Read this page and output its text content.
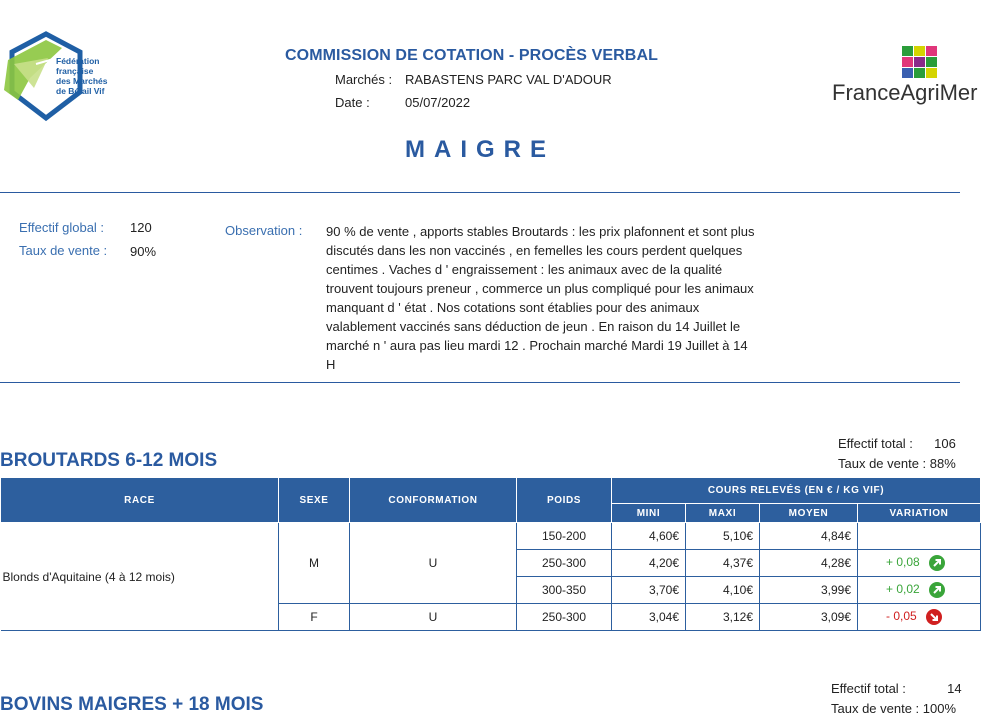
Fédération
française
des Marchés
de Bétail Vif
COMMISSION DE COTATION - PROCÈS VERBAL
Marchés : RABASTENS PARC VAL D'ADOUR
Date :	05/07/2022	FranceAgriMer
MAIGRE
Effectif global : 120
Taux de vente : 90%
Observation : 90 % de vente , apports stables Broutards : les prix plafonnent et sont plus discutés dans les non vaccinés , en femelles les cours perdent quelques centimes . Vaches d ' engraissement : les animaux avec de la qualité trouvent toujours preneur , commerce un plus compliqué pour les animaux manquant d ' état . Nos cotations sont établies pour des animaux valablement vaccinés sans déduction de jeun . En raison du 14 Juillet le marché n ' aura pas lieu mardi 12 . Prochain marché Mardi 19 Juillet à 14 H
BROUTARDS 6-12 MOIS
Effectif total : 106
Taux de vente : 88%
RACE	SEXE	CONFORMATION	POIDS	COURS RELEVÉS (EN € / KG VIF)			
				MINI	MAXI	MOYEN	VARIATION
Blonds d'Aquitaine (4 à 12 mois)	M	U	150-200	4,60€	5,10€	4,84€	
			250-300	4,20€	4,37€	4,28€	+ 0,08

			300-350	3,70€	4,10€	3,99€	+ 0,02

	F	U	250-300	3,04€	3,12€	3,09€	- 0,05
BOVINS MAIGRES + 18 MOIS
Effectif total :	14
Taux de vente : 100%
